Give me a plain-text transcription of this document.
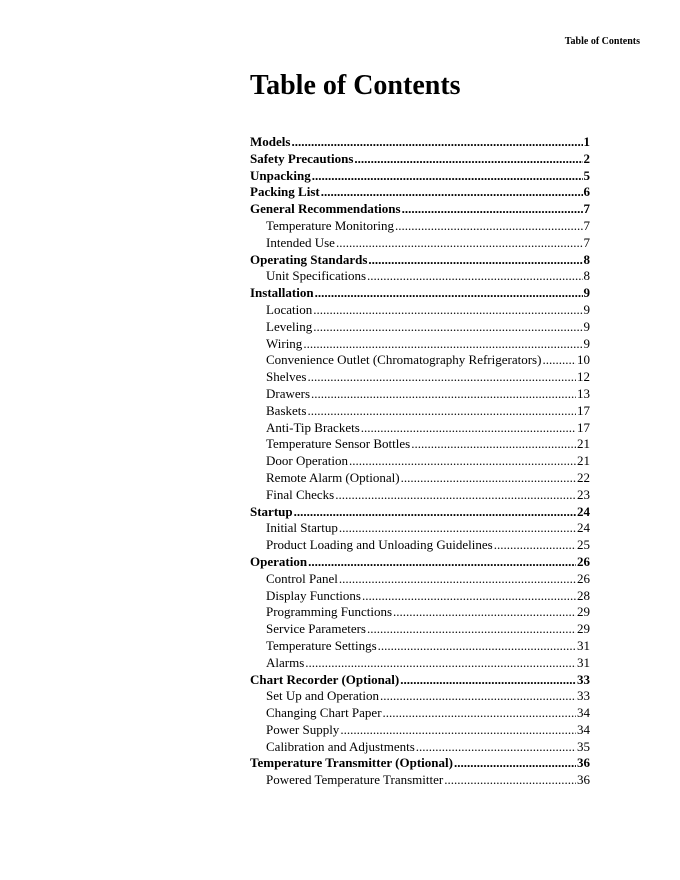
Table of Contents
Table of Contents
Models .....	1
Safety Precautions .....	2
Unpacking .....	5
Packing List .....	6
General Recommendations .....	7
Temperature Monitoring .....	7
Intended Use .....	7
Operating Standards .....	8
Unit Specifications .....	8
Installation .....	9
Location .....	9
Leveling .....	9
Wiring .....	9
Convenience Outlet (Chromatography Refrigerators) .....	10
Shelves .....	12
Drawers .....	13
Baskets .....	17
Anti-Tip Brackets .....	17
Temperature Sensor Bottles .....	21
Door Operation .....	21
Remote Alarm (Optional) .....	22
Final Checks .....	23
Startup .....	24
Initial Startup .....	24
Product Loading and Unloading Guidelines .....	25
Operation .....	26
Control Panel .....	26
Display Functions .....	28
Programming Functions .....	29
Service Parameters .....	29
Temperature Settings .....	31
Alarms .....	31
Chart Recorder (Optional) .....	33
Set Up and Operation .....	33
Changing Chart Paper .....	34
Power Supply .....	34
Calibration and Adjustments .....	35
Temperature Transmitter (Optional) .....	36
Powered Temperature Transmitter .....	36
